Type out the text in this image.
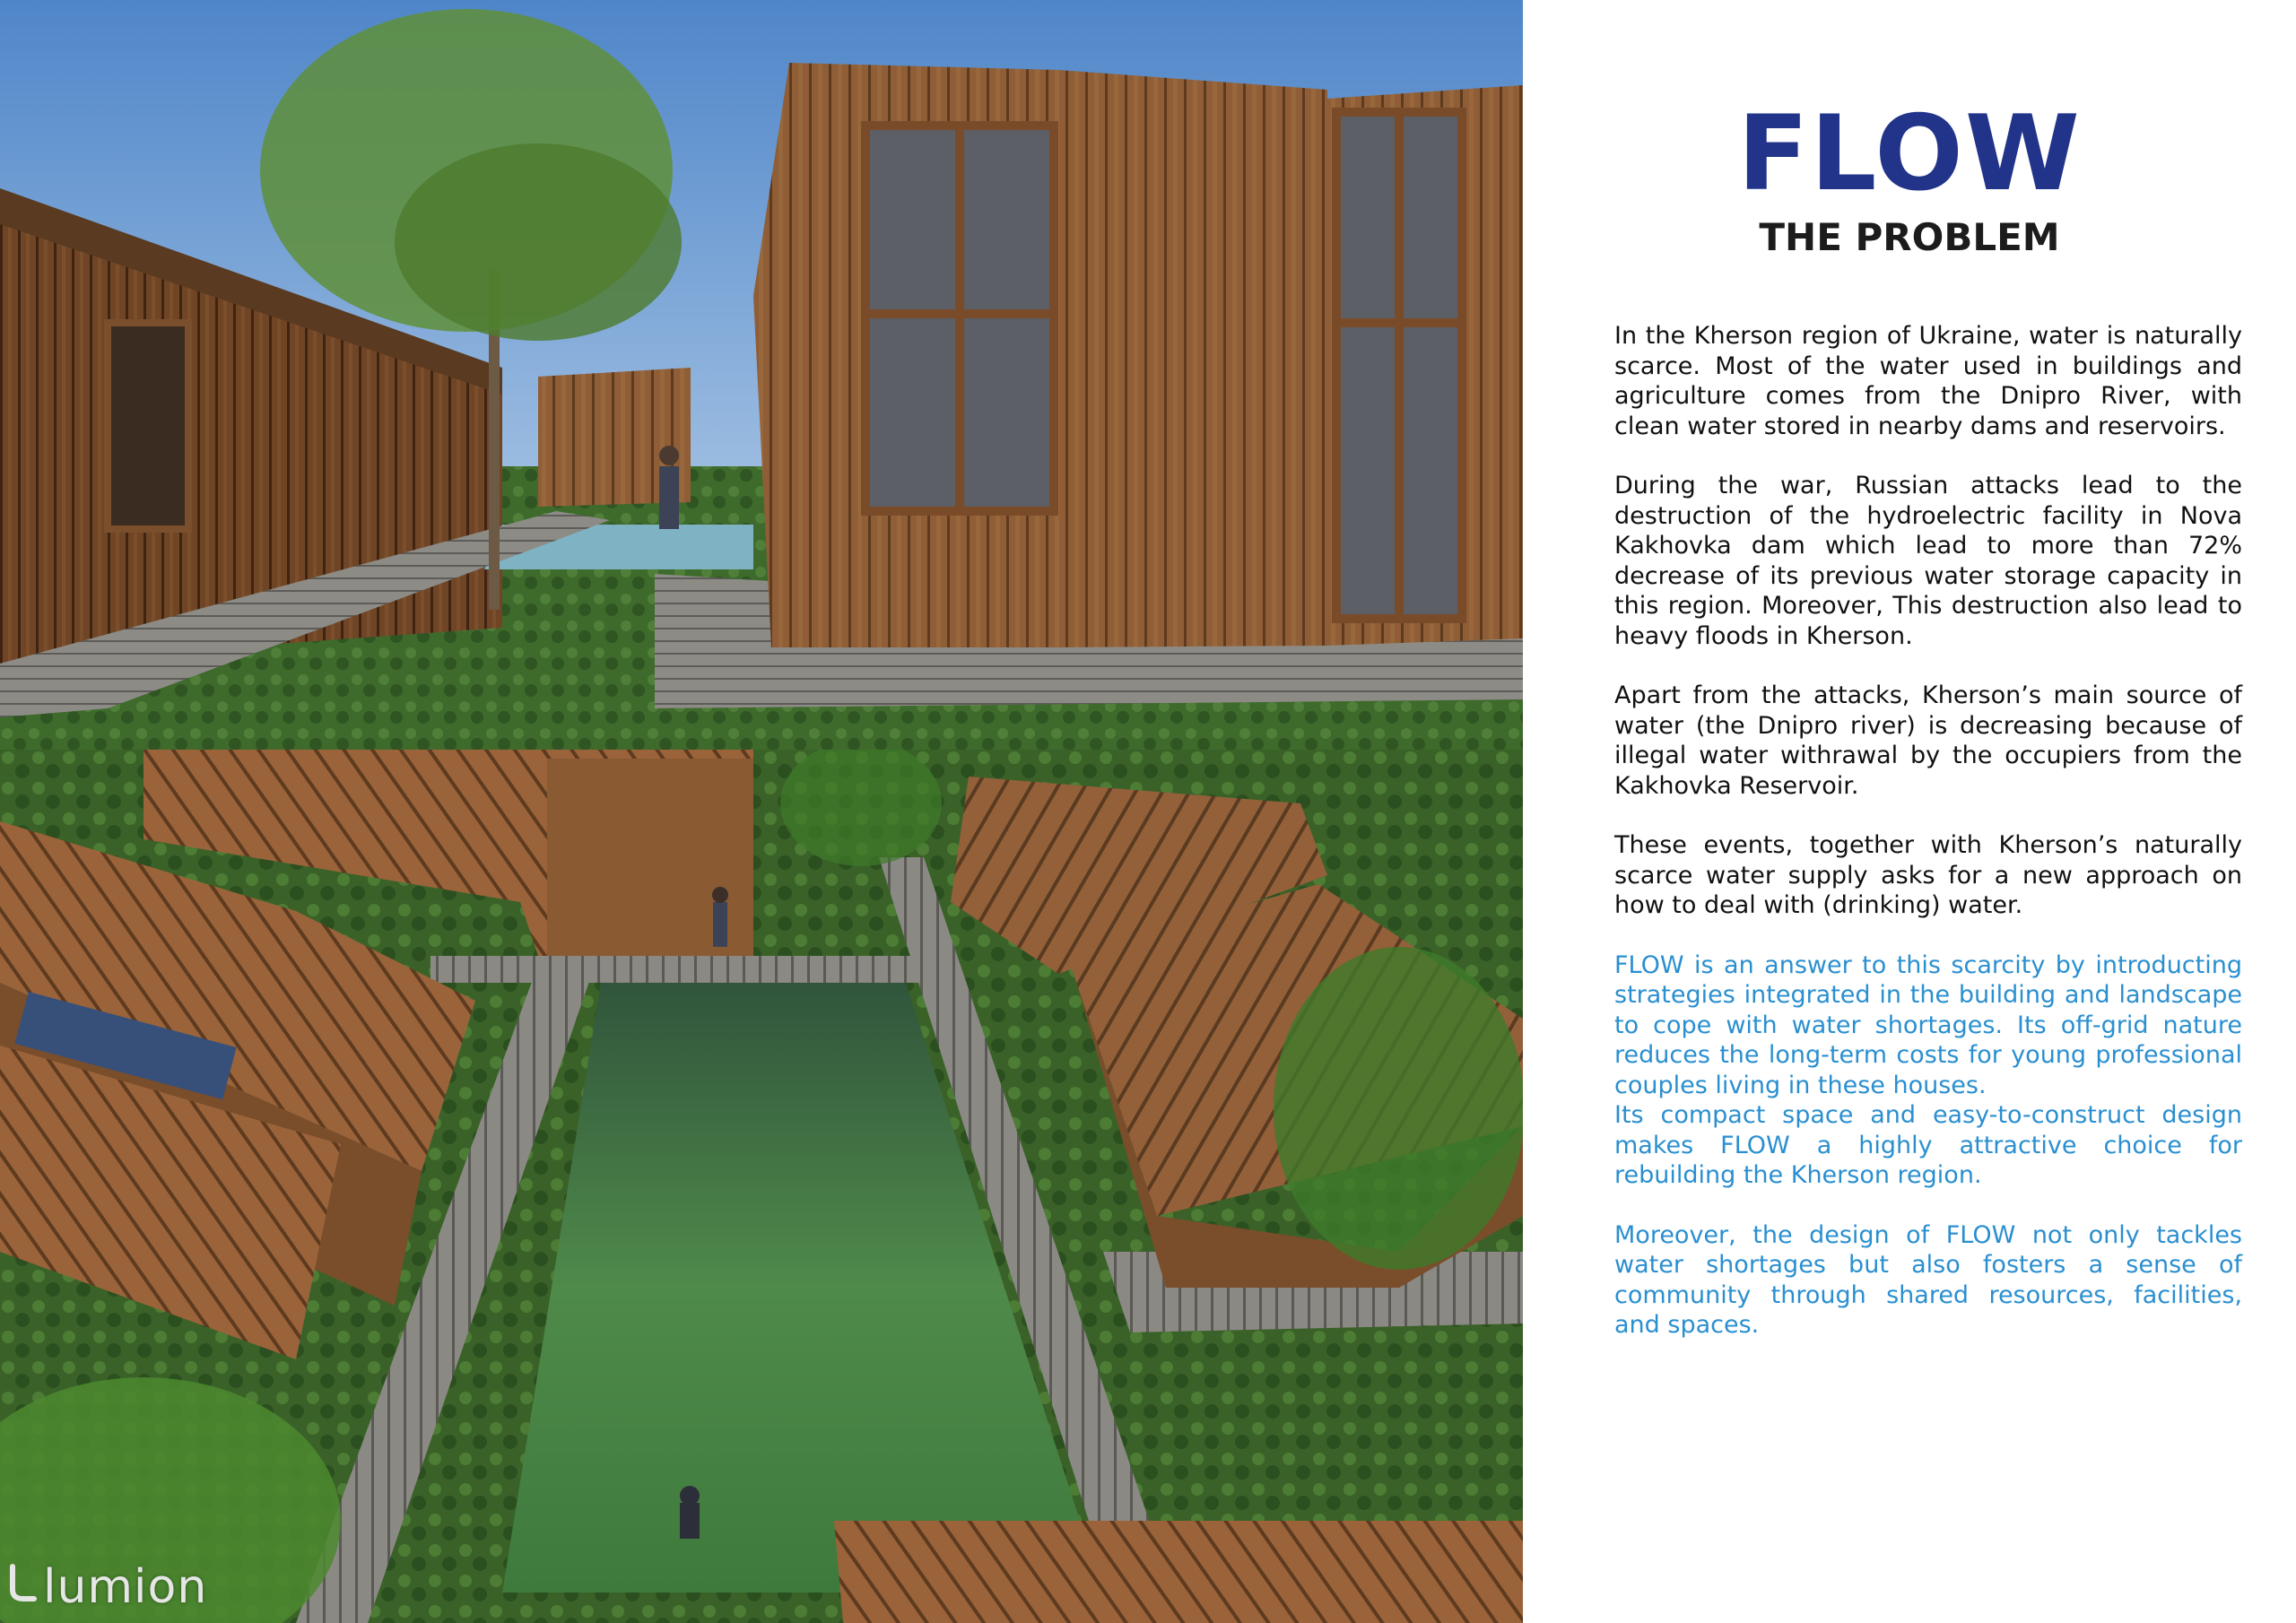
lumion
FLOW
THE PROBLEM

In the Kherson region of Ukraine, water is naturally scarce. Most of the water used in buildings and agriculture comes from the Dnipro River, with clean water stored in nearby dams and reservoirs.

During the war, Russian attacks lead to the destruction of the hydroelectric facility in Nova Kakhovka dam which lead to more than 72% decrease of its previous water storage capacity in this region. Moreover, This destruction also lead to heavy floods in Kherson.

Apart from the attacks, Kherson’s main source of water (the Dnipro river) is decreasing because of illegal water withrawal by the occupiers from the Kakhovka Reservoir.

These events, together with Kherson’s naturally scarce water supply asks for a new approach on how to deal with (drinking) water.

FLOW is an answer to this scarcity by introducting strategies integrated in the building and landscape to cope with water shortages. Its off-grid nature reduces the long-term costs for young professional couples living in these houses.

Its compact space and easy-to-construct design makes FLOW a highly attractive choice for rebuilding the Kherson region.

Moreover, the design of FLOW not only tackles water shortages but also fosters a sense of community through shared resources, facilities, and spaces.
